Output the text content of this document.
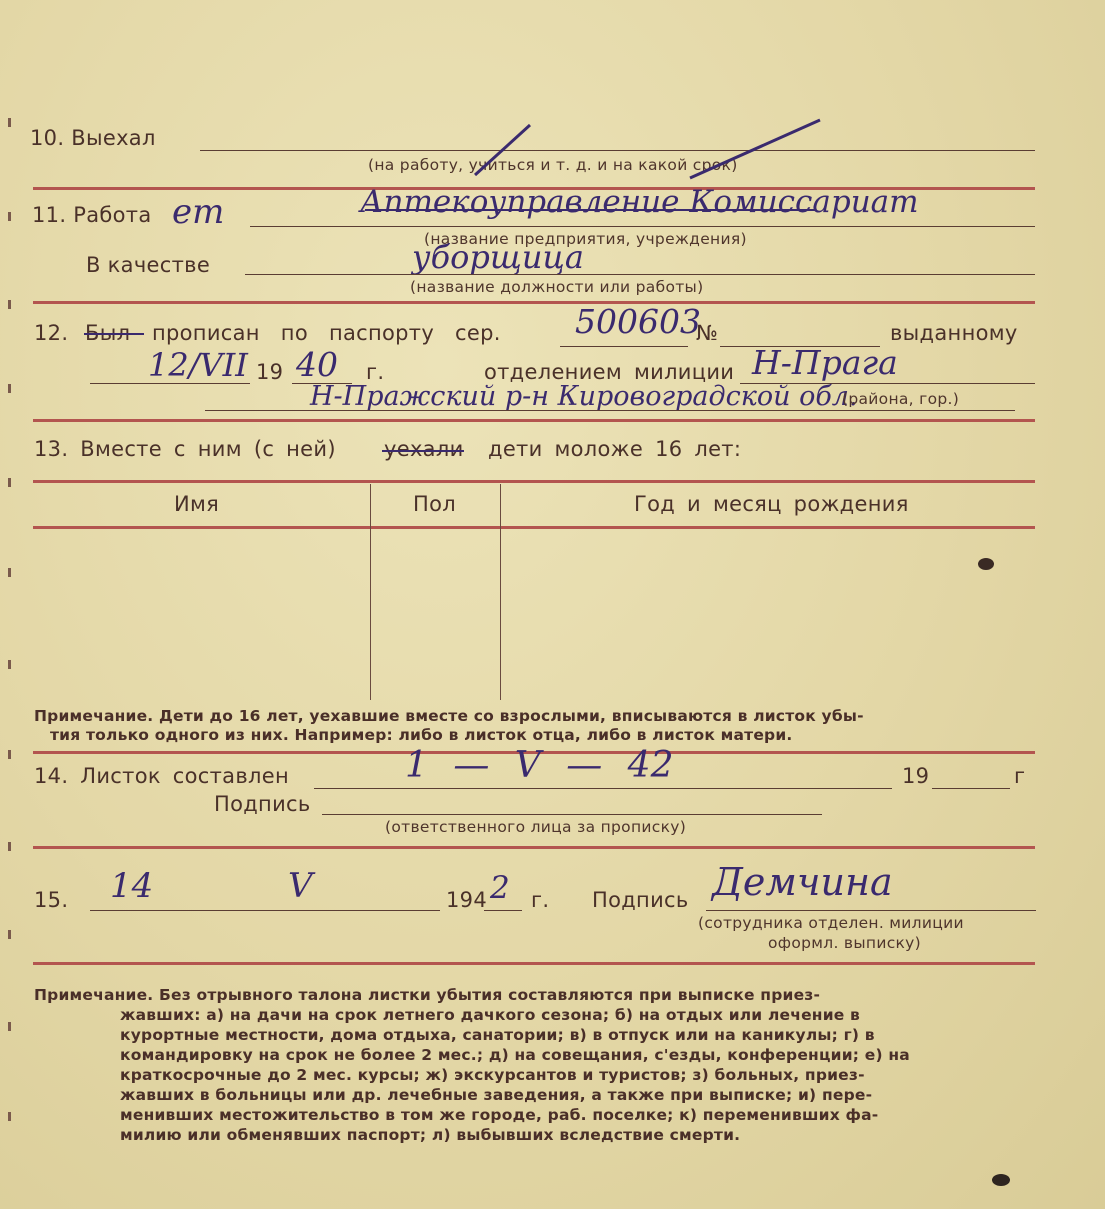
10. Выехал
(на работу, учиться и т. д. и на какой срок)
11. Работа ет	Аптекоуправление Комиссариат
(название предприятия, учреждения)
В качестве	уборщица
(название должности или работы)
12. Был прописан по паспорту сер. 500603
№	выданному
12/VII 19 40 г.	отделением милиции Н-Прага
Н-Пражский р-н Кировоградской обл.
(района, гор.)
13. Вместе с ним (с ней) уехали дети моложе 16 лет:
Имя	Пол	Год и месяц рождения
Примечание. Дети до 16 лет, уехавшие вместе со взрослыми, вписываются в листок убы-
тия только одного из них. Например: либо в листок отца, либо в листок матери.
14. Листок составлен	1 — V — 42	19	г
Подпись
(ответственного лица за прописку)
15. 14	V	194 2 г. Подпись Демчина
(сотрудника отделен. милиции
оформл. выписку)
Примечание. Без отрывного талона листки убытия составляются при выписке приез-
жавших: а) на дачи на срок летнего дачкого сезона; б) на отдых или лечение в
курортные местности, дома отдыха, санатории; в) в отпуск или на каникулы; г) в
командировку на срок не более 2 мес.; д) на совещания, с'езды, конференции; е) на
краткосрочные до 2 мес. курсы; ж) экскурсантов и туристов; з) больных, приез-
жавших в больницы или др. лечебные заведения, а также при выписке; и) пере-
менивших местожительство в том же городе, раб. поселке; к) переменивших фа-
милию или обменявших паспорт; л) выбывших вследствие смерти.
